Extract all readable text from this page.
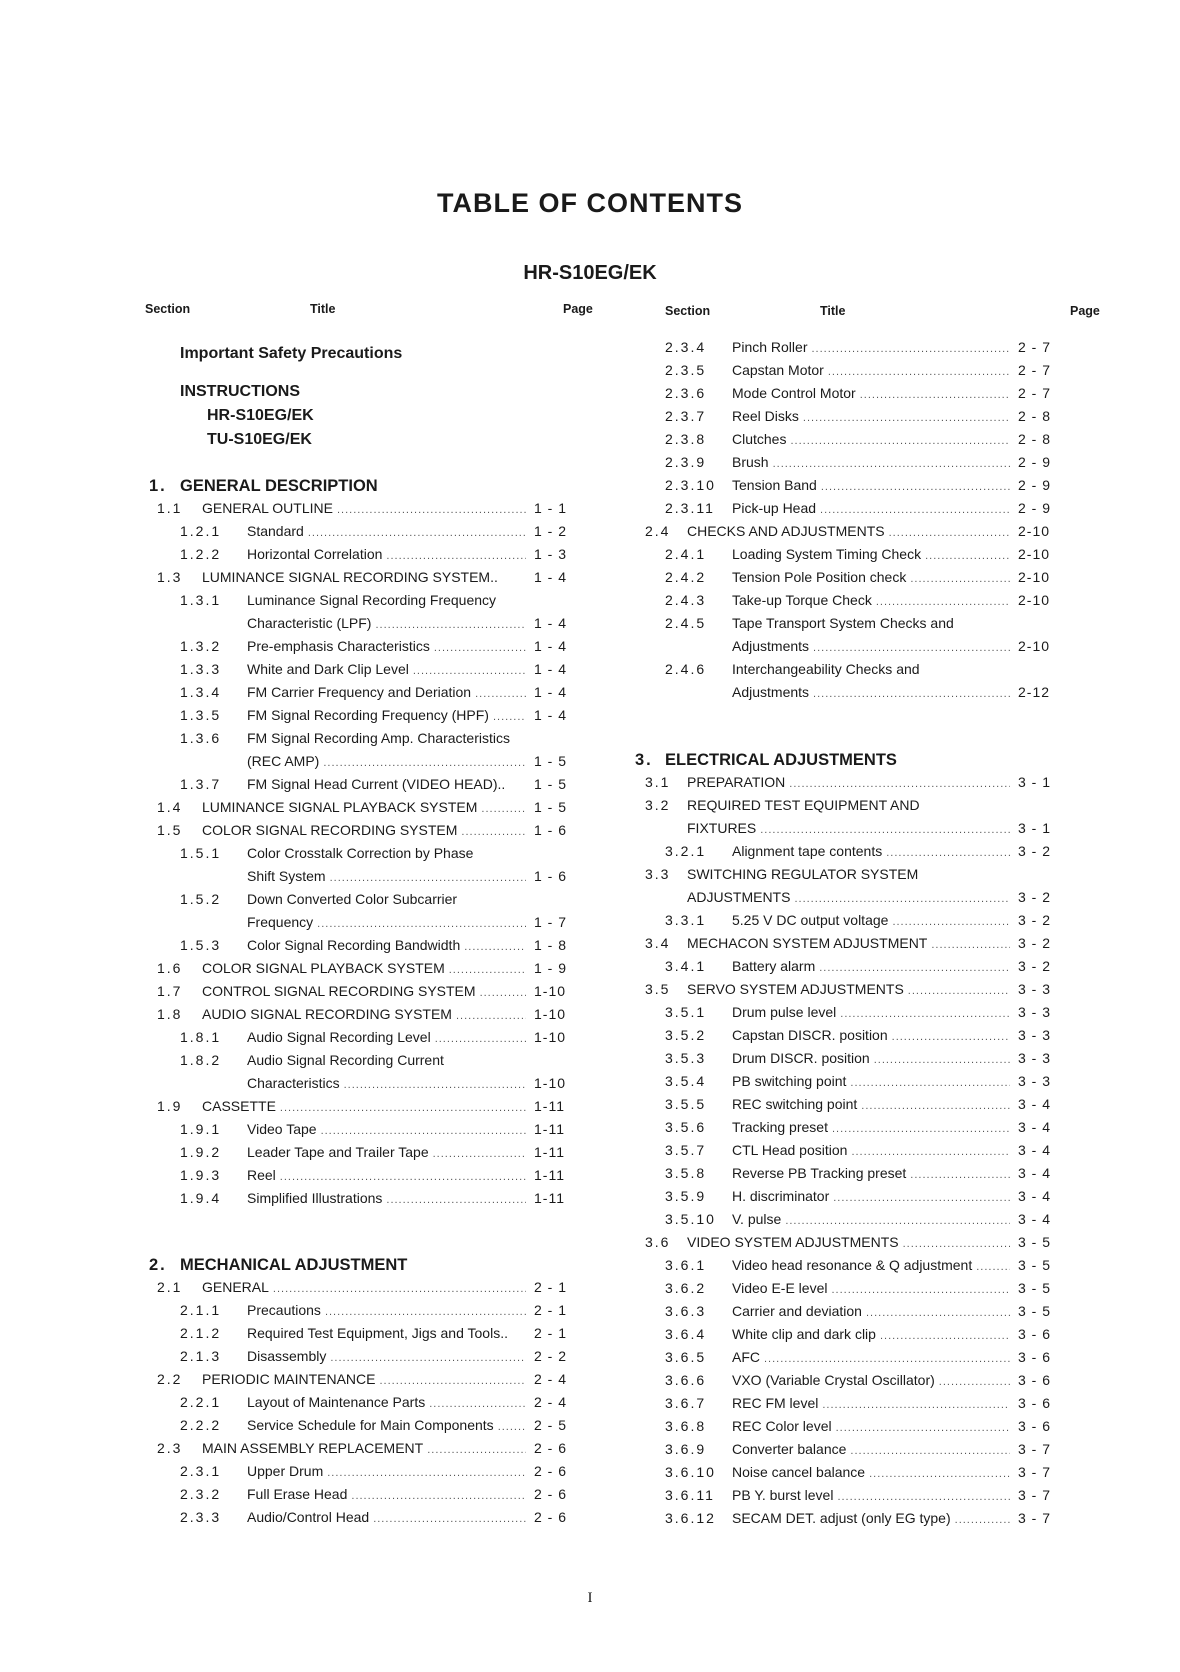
TABLE OF CONTENTS
HR-S10EG/EK
Section	Title	Page
Important Safety Precautions
INSTRUCTIONS
HR-S10EG/EK
TU-S10EG/EK
1. GENERAL DESCRIPTION
1.1 GENERAL OUTLINE .....	1 - 1
1.2.1 Standard .....	1 - 2
1.2.2 Horizontal Correlation .....	1 - 3
1.3 LUMINANCE SIGNAL RECORDING SYSTEM..	1 - 4
1.3.1 Luminance Signal Recording Frequency
Characteristic (LPF) .....	1 - 4
1.3.2 Pre-emphasis Characteristics .....	1 - 4
1.3.3 White and Dark Clip Level .....	1 - 4
1.3.4 FM Carrier Frequency and Deriation .....	1 - 4
1.3.5 FM Signal Recording Frequency (HPF) .....	1 - 4
1.3.6 FM Signal Recording Amp. Characteristics
(REC AMP) .....	1 - 5
1.3.7 FM Signal Head Current (VIDEO HEAD).. 1 - 5
1.4 LUMINANCE SIGNAL PLAYBACK SYSTEM .....	1 - 5
1.5 COLOR SIGNAL RECORDING SYSTEM .....	1 - 6
1.5.1 Color Crosstalk Correction by Phase
Shift System .....	1 - 6
1.5.2 Down Converted Color Subcarrier
Frequency .....	1 - 7
1.5.3 Color Signal Recording Bandwidth .....	1 - 8
1.6 COLOR SIGNAL PLAYBACK SYSTEM .....	1 - 9
1.7 CONTROL SIGNAL RECORDING SYSTEM .....	1-10
1.8 AUDIO SIGNAL RECORDING SYSTEM .....	1-10
1.8.1 Audio Signal Recording Level .....	1-10
1.8.2 Audio Signal Recording Current
Characteristics .....	1-10
1.9 CASSETTE .....	1-11
1.9.1 Video Tape .....	1-11
1.9.2 Leader Tape and Trailer Tape .....	1-11
1.9.3 Reel .....	1-11
1.9.4 Simplified Illustrations .....	1-11
2. MECHANICAL ADJUSTMENT
2.1 GENERAL .....	2 - 1
2.1.1 Precautions .....	2 - 1
2.1.2 Required Test Equipment, Jigs and Tools.. 2 - 1
2.1.3 Disassembly .....	2 - 2
2.2 PERIODIC MAINTENANCE .....	2 - 4
2.2.1 Layout of Maintenance Parts .....	2 - 4
2.2.2 Service Schedule for Main Components .....	2 - 5
2.3 MAIN ASSEMBLY REPLACEMENT .....	2 - 6
2.3.1 Upper Drum .....	2 - 6
2.3.2 Full Erase Head .....	2 - 6
2.3.3 Audio/Control Head .....	2 - 6
Section	Title	Page
2.3.4 Pinch Roller .....	2 - 7
2.3.5 Capstan Motor .....	2 - 7
2.3.6 Mode Control Motor .....	2 - 7
2.3.7 Reel Disks .....	2 - 8
2.3.8 Clutches .....	2 - 8
2.3.9 Brush .....	2 - 9
2.3.10 Tension Band .....	2 - 9
2.3.11 Pick-up Head .....	2 - 9
2.4 CHECKS AND ADJUSTMENTS .....	2-10
2.4.1 Loading System Timing Check .....	2-10
2.4.2 Tension Pole Position check .....	2-10
2.4.3 Take-up Torque Check .....	2-10
2.4.5 Tape Transport System Checks and
Adjustments .....	2-10
2.4.6 Interchangeability Checks and
Adjustments .....	2-12
3. ELECTRICAL ADJUSTMENTS
3.1 PREPARATION .....	3 - 1
3.2 REQUIRED TEST EQUIPMENT AND
FIXTURES .....	3 - 1
3.2.1 Alignment tape contents .....	3 - 2
3.3 SWITCHING REGULATOR SYSTEM
ADJUSTMENTS .....	3 - 2
3.3.1 5.25 V DC output voltage .....	3 - 2
3.4 MECHACON SYSTEM ADJUSTMENT .....	3 - 2
3.4.1 Battery alarm .....	3 - 2
3.5 SERVO SYSTEM ADJUSTMENTS .....	3 - 3
3.5.1 Drum pulse level .....	3 - 3
3.5.2 Capstan DISCR. position .....	3 - 3
3.5.3 Drum DISCR. position .....	3 - 3
3.5.4 PB switching point .....	3 - 3
3.5.5 REC switching point .....	3 - 4
3.5.6 Tracking preset .....	3 - 4
3.5.7 CTL Head position .....	3 - 4
3.5.8 Reverse PB Tracking preset .....	3 - 4
3.5.9 H. discriminator .....	3 - 4
3.5.10 V. pulse .....	3 - 4
3.6 VIDEO SYSTEM ADJUSTMENTS .....	3 - 5
3.6.1 Video head resonance & Q adjustment .....	3 - 5
3.6.2 Video E-E level .....	3 - 5
3.6.3 Carrier and deviation .....	3 - 5
3.6.4 White clip and dark clip .....	3 - 6
3.6.5 AFC .....	3 - 6
3.6.6 VXO (Variable Crystal Oscillator) .....	3 - 6
3.6.7 REC FM level .....	3 - 6
3.6.8 REC Color level .....	3 - 6
3.6.9 Converter balance .....	3 - 7
3.6.10 Noise cancel balance .....	3 - 7
3.6.11 PB Y. burst level .....	3 - 7
3.6.12 SECAM DET. adjust (only EG type) .....	3 - 7
I
